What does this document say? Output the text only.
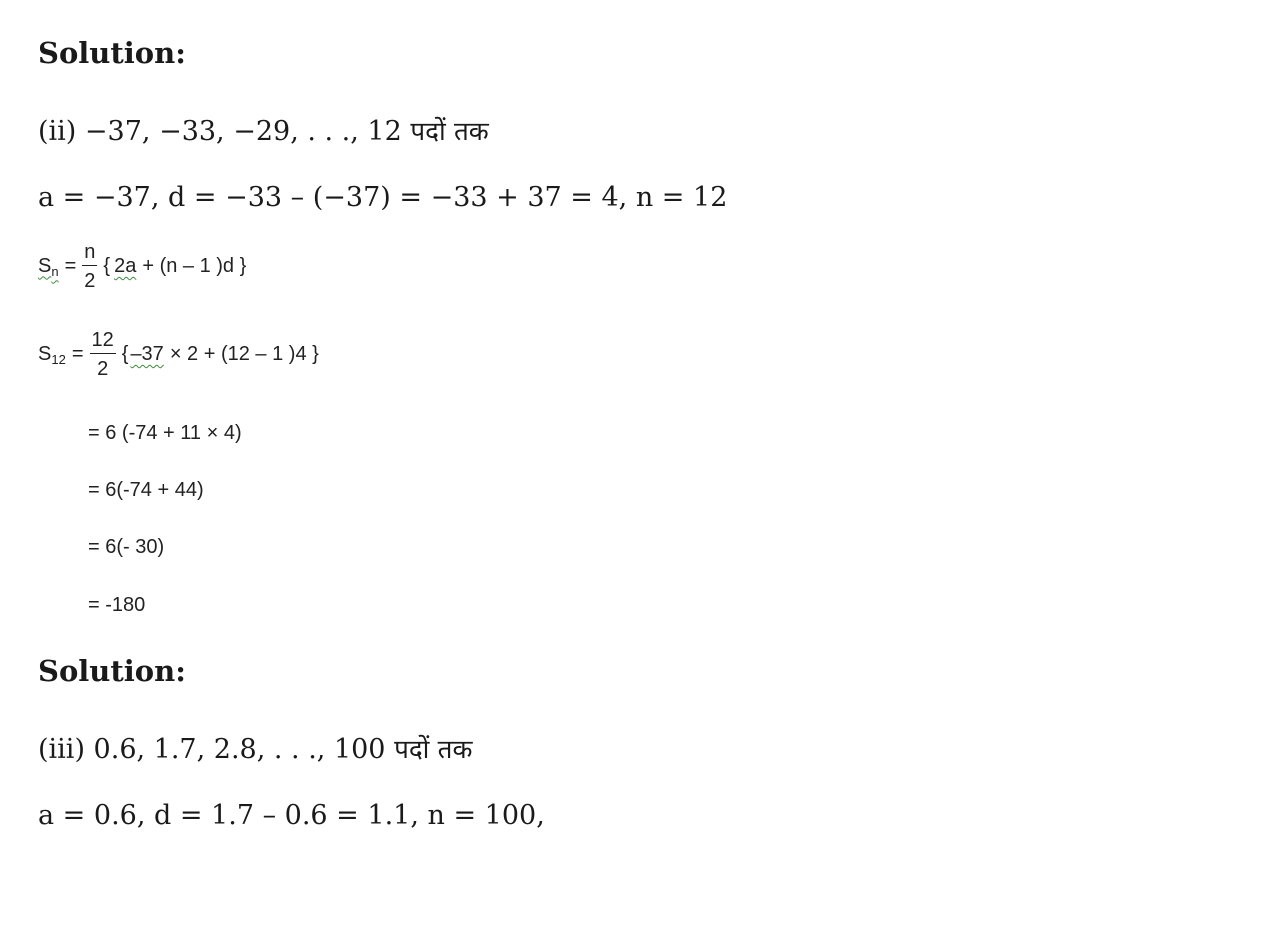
Solution:
(ii) −37, −33, −29, . . ., 12 पदों तक
a = −37, d = −33 – (−37) = −33 + 37 = 4, n = 12
$S_n = \frac{n}{2}$ { 2a + (n – 1 )d }
$S_{12} = \frac{12}{2}$ { –37 × 2 + (12 – 1 )4 }
= 6 (-74 + 11 × 4)
= 6(-74 + 44)
= 6(- 30)
= -180
Solution:
(iii) 0.6, 1.7, 2.8, . . ., 100 पदों तक
a = 0.6, d = 1.7 – 0.6 = 1.1, n = 100,
